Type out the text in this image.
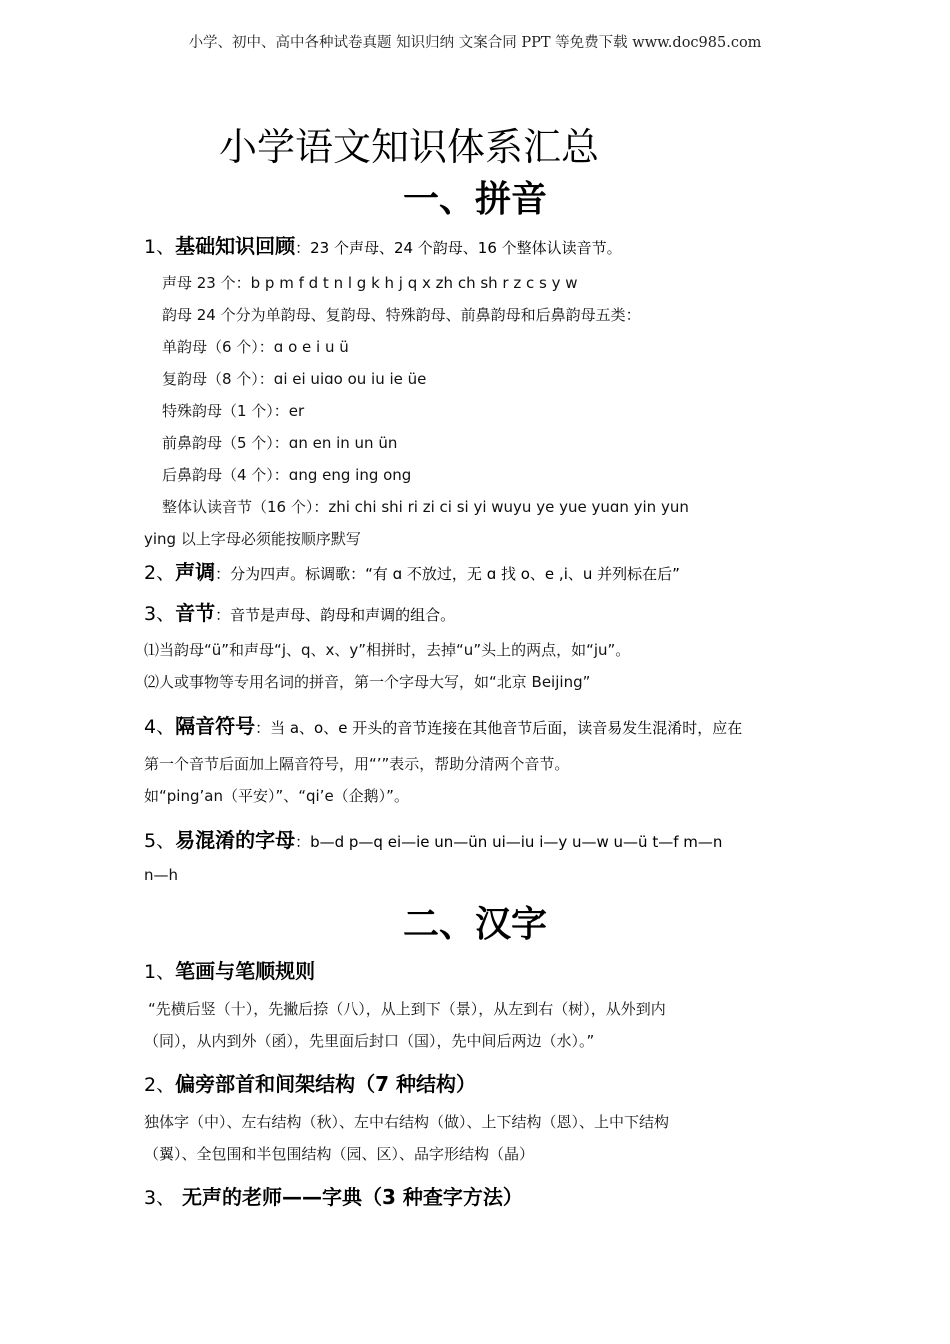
小学、初中、高中各种试卷真题 知识归纳 文案合同 PPT 等免费下载 www.doc985.com
小学语文知识体系汇总
一、拼音
1、基础知识回顾：23 个声母、24 个韵母、16 个整体认读音节。
声母 23 个：b p m f d t n l g k h j q x zh ch sh r z c s y w
韵母 24 个分为单韵母、复韵母、特殊韵母、前鼻韵母和后鼻韵母五类：
单韵母（6 个）：ɑ o e i u ü
复韵母（8 个）：ɑi ei uiɑo ou iu ie üe
特殊韵母（1 个）：er
前鼻韵母（5 个）：ɑn en in un ün
后鼻韵母（4 个）：ɑng eng ing ong
整体认读音节（16 个）：zhi chi shi ri zi ci si yi wuyu ye yue yuɑn yin yun
ying 以上字母必须能按顺序默写
2、声调：分为四声。标调歌：“有 ɑ 不放过，无 ɑ 找 o、e ,i、u 并列标在后”
3、音节：音节是声母、韵母和声调的组合。
⑴当韵母“ü”和声母“j、q、x、y”相拼时，去掉“u”头上的两点，如“ju”。
⑵人或事物等专用名词的拼音，第一个字母大写，如“北京 Beijing”
4、隔音符号：当 a、o、e 开头的音节连接在其他音节后面，读音易发生混淆时，应在
第一个音节后面加上隔音符号，用“’”表示，帮助分清两个音节。
如“ping’an（平安）”、“qi’e（企鹅）”。
5、易混淆的字母：b—d p—q ei—ie un—ün ui—iu i—y u—w u—ü t—f m—n
n—h
二、汉字
1、笔画与笔顺规则
“先横后竖（十），先撇后捺（八），从上到下（景），从左到右（树），从外到内
（同），从内到外（函），先里面后封口（国），先中间后两边（水）。”
2、偏旁部首和间架结构（7 种结构）
独体字（中）、左右结构（秋）、左中右结构（做）、上下结构（恩）、上中下结构
（翼）、全包围和半包围结构（园、区）、品字形结构（晶）
3、 无声的老师——字典（3 种查字方法）
